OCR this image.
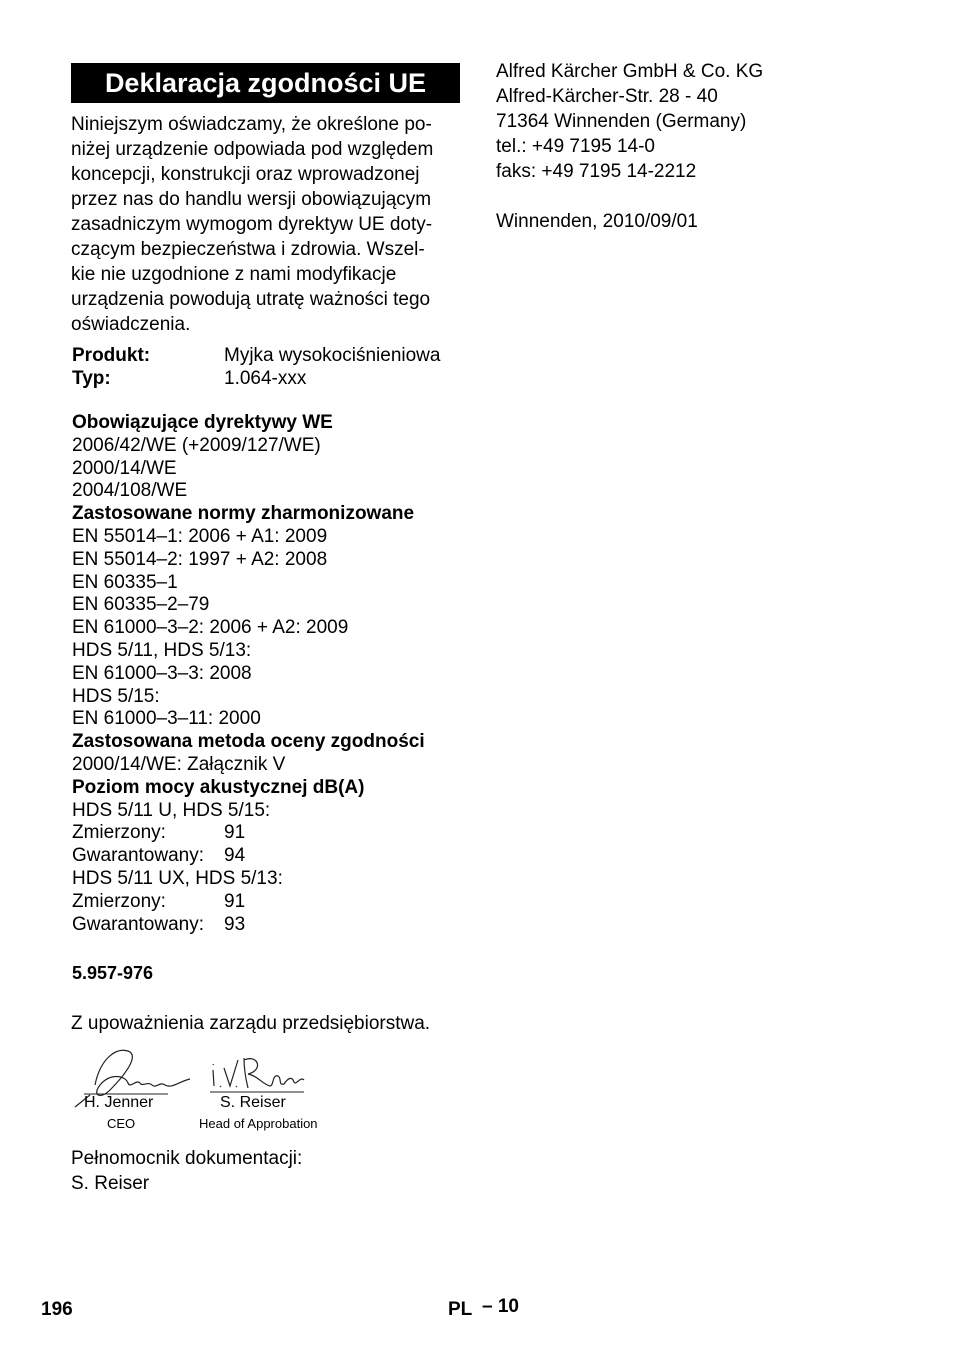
Deklaracja zgodności UE
Niniejszym oświadczamy, że określone po-
niżej urządzenie odpowiada pod względem
koncepcji, konstrukcji oraz wprowadzonej
przez nas do handlu wersji obowiązującym
zasadniczym wymogom dyrektyw UE doty-
czącym bezpieczeństwa i zdrowia. Wszel-
kie nie uzgodnione z nami modyfikacje
urządzenia powodują utratę ważności tego
oświadczenia.
Produkt:	Myjka wysokociśnieniowa
Typ:	1.064-xxx
Obowiązujące dyrektywy WE
2006/42/WE (+2009/127/WE)
2000/14/WE
2004/108/WE
Zastosowane normy zharmonizowane
EN 55014–1: 2006 + A1: 2009
EN 55014–2: 1997 + A2: 2008
EN 60335–1
EN 60335–2–79
EN 61000–3–2: 2006 + A2: 2009
HDS 5/11, HDS 5/13:
EN 61000–3–3: 2008
HDS 5/15:
EN 61000–3–11: 2000
Zastosowana metoda oceny zgodności
2000/14/WE: Załącznik V
Poziom mocy akustycznej dB(A)
HDS 5/11 U, HDS 5/15:
Zmierzony:	91
Gwarantowany: 94
HDS 5/11 UX, HDS 5/13:
Zmierzony:	91
Gwarantowany: 93
5.957-976
Z upoważnienia zarządu przedsiębiorstwa.
H. Jenner
CEO
S. Reiser
Head of Approbation
Pełnomocnik dokumentacji:
S. Reiser
Alfred Kärcher GmbH & Co. KG
Alfred-Kärcher-Str. 28 - 40
71364 Winnenden (Germany)
tel.: +49 7195 14-0
faks: +49 7195 14-2212
Winnenden, 2010/09/01
196	PL – 10
